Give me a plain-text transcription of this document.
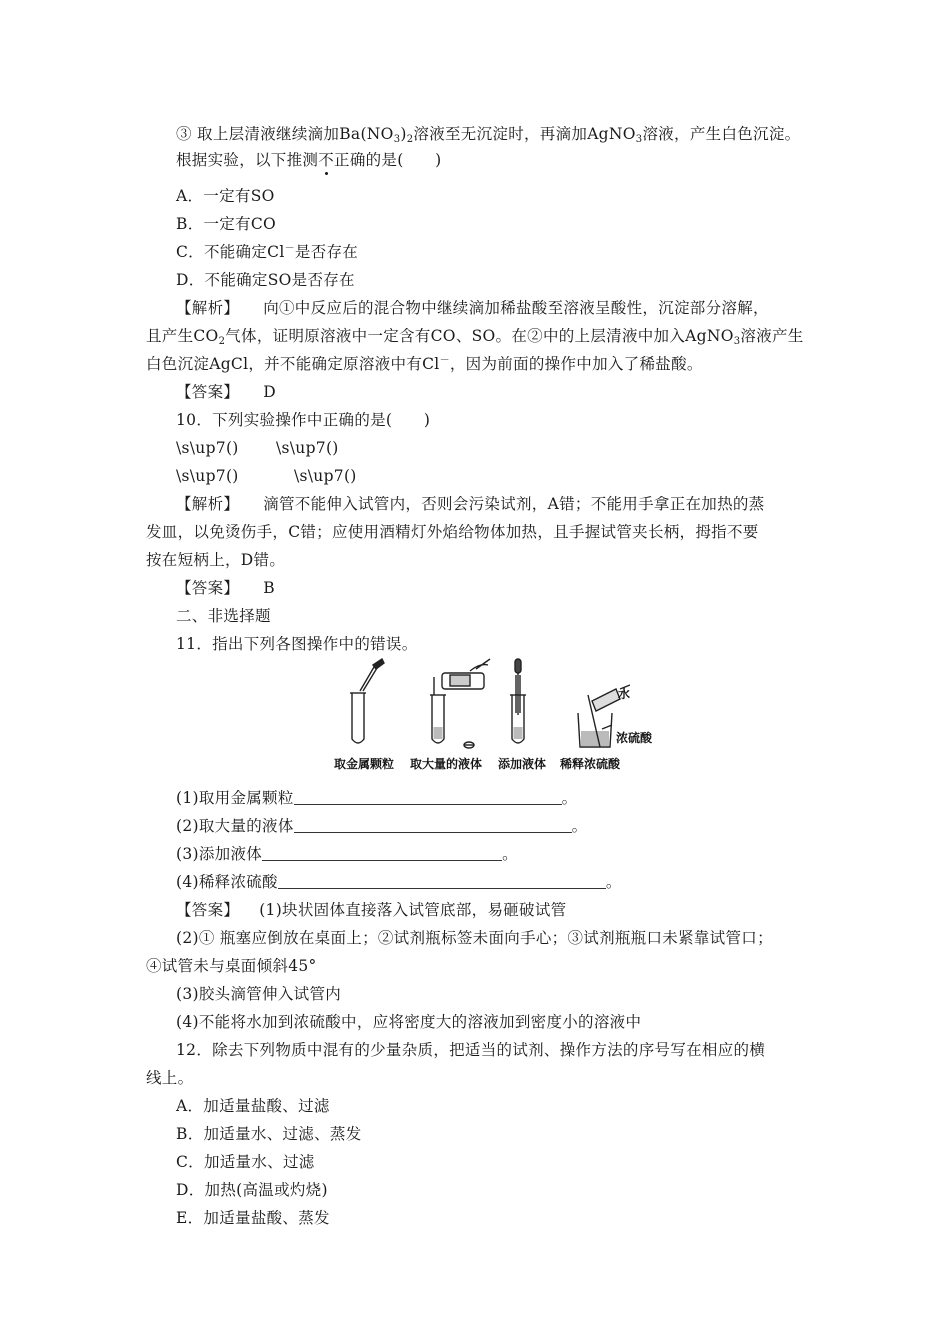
③ 取上层清液继续滴加$Ba(NO_3)_2$溶液至无沉淀时，再滴加AgNO$_3$溶液，产生白色沉淀。
根据实验，以下推测不正确的是(　　)
A．一定有SO
B．一定有CO
C．不能确定Cl－是否存在
D．不能确定SO是否存在
【解析】 向①中反应后的混合物中继续滴加稀盐酸至溶液呈酸性，沉淀部分溶解，
且产生$CO_2$气体，证明原溶液中一定含有CO、SO。在②中的上层清液中加入AgNO$_3$溶液产生
白色沉淀AgCl，并不能确定原溶液中有Cl－，因为前面的操作中加入了稀盐酸。
【答案】 D
10．下列实验操作中正确的是(　　)
\s\up7() \s\up7()
\s\up7()	\s\up7()
【解析】 滴管不能伸入试管内，否则会污染试剂，A错；不能用手拿正在加热的蒸
发皿，以免烫伤手，C错；应使用酒精灯外焰给物体加热，且手握试管夹长柄，拇指不要
按在短柄上，D错。
【答案】 B
二、非选择题
11．指出下列各图操作中的错误。
水
浓硫酸
取金属颗粒 取大量的液体 添加液体 稀释浓硫酸
(1)取用金属颗粒	。
(2)取大量的液体	。
(3)添加液体	。
(4)稀释浓硫酸	。
【答案】 (1)块状固体直接落入试管底部，易砸破试管
(2)① 瓶塞应倒放在桌面上；②试剂瓶标签未面向手心；③试剂瓶瓶口未紧靠试管口；
④试管未与桌面倾斜45°
(3)胶头滴管伸入试管内
(4)不能将水加到浓硫酸中，应将密度大的溶液加到密度小的溶液中
12．除去下列物质中混有的少量杂质，把适当的试剂、操作方法的序号写在相应的横
线上。
A．加适量盐酸、过滤
B．加适量水、过滤、蒸发
C．加适量水、过滤
D．加热(高温或灼烧)
E．加适量盐酸、蒸发
